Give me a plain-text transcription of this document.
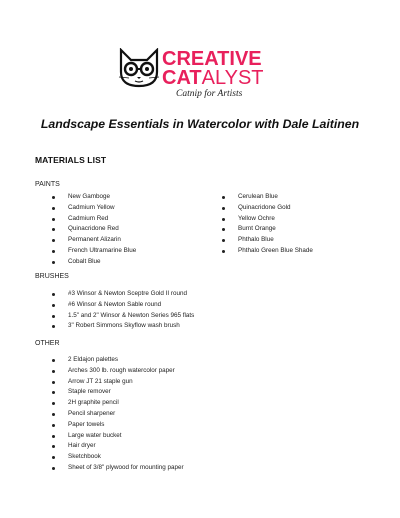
CREATIVE
CATALYST
Catnip for Artists
Landscape Essentials in Watercolor with Dale Laitinen
MATERIALS LIST
PAINTS
New Gamboge
Cadmium Yellow
Cadmium Red
Quinacridone Red
Permanent Alizarin
French Ultramarine Blue
Cobalt Blue
Cerulean Blue
Quinacridone Gold
Yellow Ochre
Burnt Orange
Phthalo Blue
Phthalo Green Blue Shade
BRUSHES
#3 Winsor & Newton Sceptre Gold II round
#6 Winsor & Newton Sable round
1.5" and 2" Winsor & Newton Series 965 flats
3" Robert Simmons Skyflow wash brush
OTHER
2 Eldajon palettes
Arches 300 lb. rough watercolor paper
Arrow JT 21 staple gun
Staple remover
2H graphite pencil
Pencil sharpener
Paper towels
Large water bucket
Hair dryer
Sketchbook
Sheet of 3/8" plywood for mounting paper
